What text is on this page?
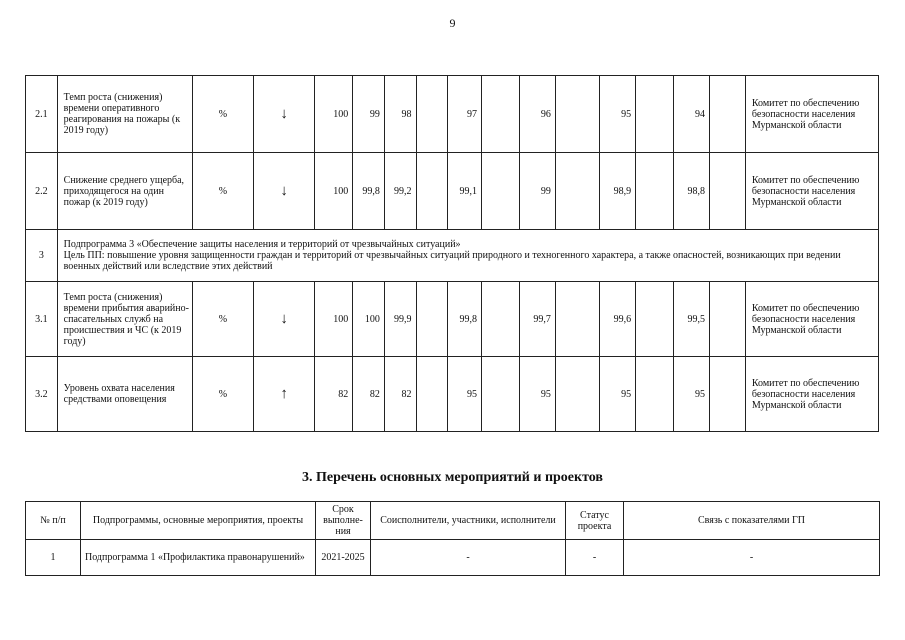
9
2.1	Темп роста (снижения) времени оперативного реагирования на пожары (к 2019 году)	%	↓	100	99	98		97		96		95		94		Комитет по обеспечению безопасности населения Мурманской области
2.2	Снижение среднего ущерба, приходящегося на один пожар (к 2019 году)	%	↓	100	99,8	99,2		99,1		99		98,9		98,8		Комитет по обеспечению безопасности населения Мурманской области
3	Подпрограмма 3 «Обеспечение защиты населения и территорий от чрезвычайных ситуаций»
Цель ПП: повышение уровня защищенности граждан и территорий от чрезвычайных ситуаций природного и техногенного характера, а также опасностей, возникающих при ведении военных действий или вследствие этих действий															

3.1	Темп роста (снижения) времени прибытия аварийно-спасательных служб на происшествия и ЧС (к 2019 году)	%	↓	100	100	99,9		99,8		99,7		99,6		99,5		Комитет по обеспечению безопасности населения Мурманской области
3.2	Уровень охвата населения средствами оповещения	%	↑	82	82	82		95		95		95		95		Комитет по обеспечению безопасности населения Мурманской области
3. Перечень основных мероприятий и проектов
№ п/п	Подпрограммы, основные мероприятия, проекты	Срок выполне-ния	Соисполнители, участники, исполнители	Статус проекта	Связь с показателями ГП
1	Подпрограмма 1 «Профилактика правонарушений»	2021-2025	-	-	-
